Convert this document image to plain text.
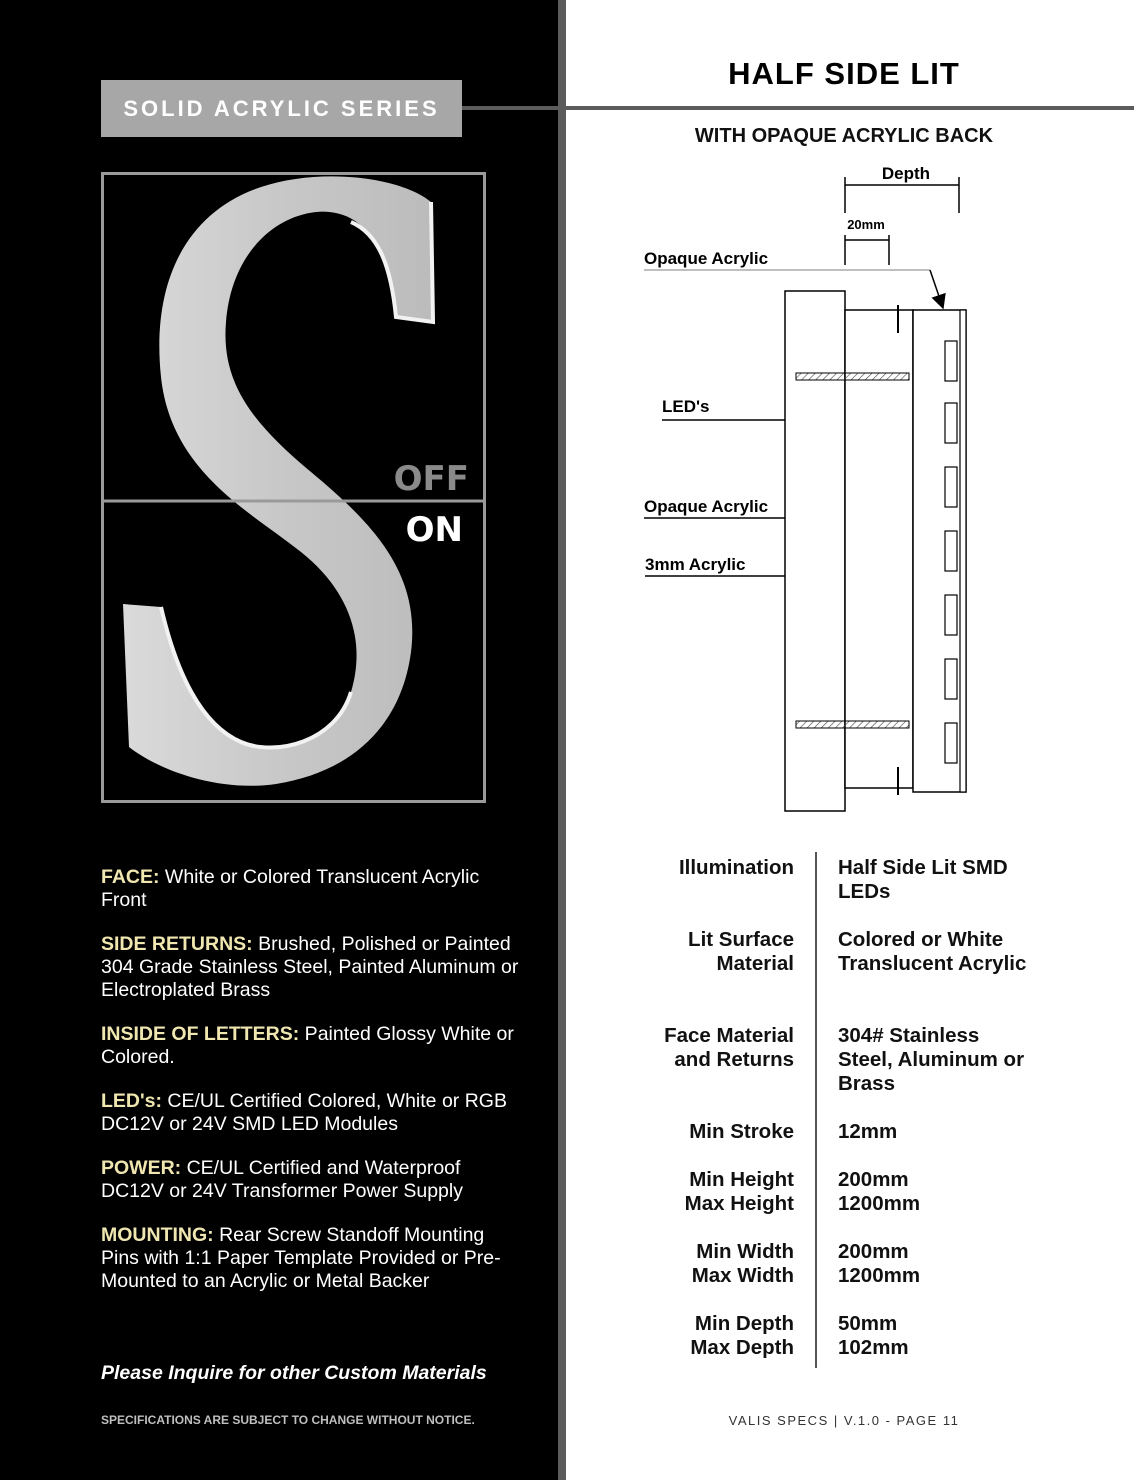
SOLID ACRYLIC SERIES
OFF
ON

FACE: White or Colored Translucent Acrylic Front

SIDE RETURNS: Brushed, Polished or Painted 304 Grade Stainless Steel, Painted Aluminum or Electroplated Brass

INSIDE OF LETTERS: Painted Glossy White or Colored.

LED's: CE/UL Certified Colored, White or RGB DC12V or 24V SMD LED Modules

POWER: CE/UL Certified and Waterproof DC12V or 24V Transformer Power Supply

MOUNTING: Rear Screw Standoff Mounting Pins with 1:1 Paper Template Provided or Pre-Mounted to an Acrylic or Metal Backer

Please Inquire for other Custom Materials
SPECIFICATIONS ARE SUBJECT TO CHANGE WITHOUT NOTICE.
HALF SIDE LIT
WITH OPAQUE ACRYLIC BACK
Depth
20mm
Opaque Acrylic
LED's
Opaque Acrylic
3mm Acrylic
Illumination Half Side Lit SMD LEDs
Lit Surface Material
Colored or White Translucent Acrylic
Face Material and Returns
304# Stainless Steel, Aluminum or Brass
Min Stroke 12mm
Min Height Max Height
200mm 1200mm
Min Width Max Width
200mm 1200mm
Min Depth Max Depth
50mm 102mm
VALIS SPECS | V.1.0 - PAGE 11
